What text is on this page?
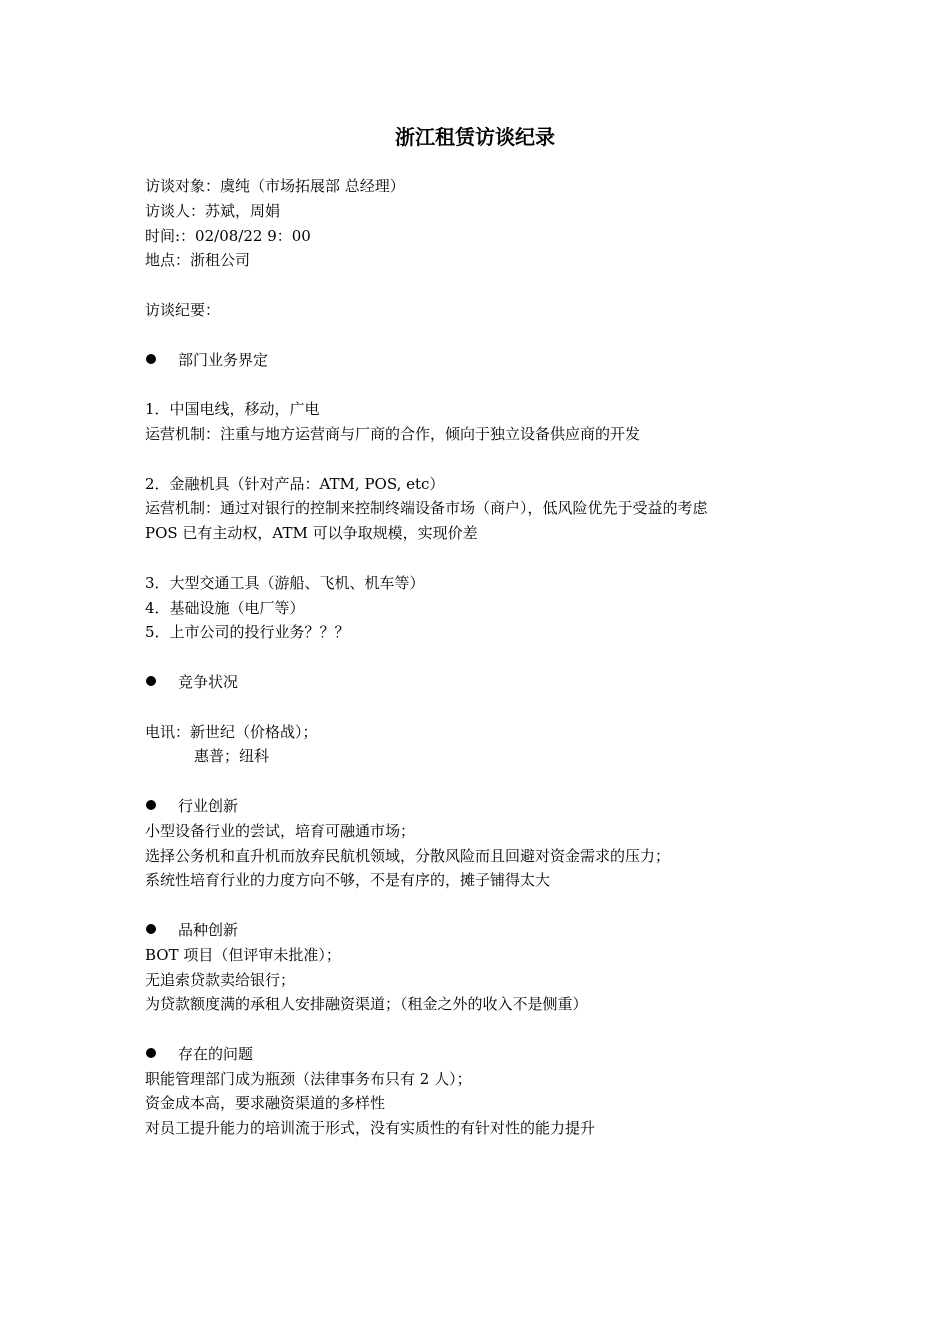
浙江租赁访谈纪录
访谈对象：虞纯（市场拓展部 总经理）
访谈人：苏斌，周娟
时间:：02/08/22 9：00
地点：浙租公司
访谈纪要：
部门业务界定
1．中国电线，移动，广电
运营机制：注重与地方运营商与厂商的合作，倾向于独立设备供应商的开发
2．金融机具（针对产品：ATM, POS, etc）
运营机制：通过对银行的控制来控制终端设备市场（商户），低风险优先于受益的考虑
POS 已有主动权，ATM 可以争取规模，实现价差
3．大型交通工具（游船、飞机、机车等）
4．基础设施（电厂等）
5．上市公司的投行业务？？？
竞争状况
电讯：新世纪（价格战）；
惠普；纽科
行业创新
小型设备行业的尝试，培育可融通市场；
选择公务机和直升机而放弃民航机领域，分散风险而且回避对资金需求的压力；
系统性培育行业的力度方向不够，不是有序的，摊子铺得太大
品种创新
BOT 项目（但评审未批准）；
无追索贷款卖给银行；
为贷款额度满的承租人安排融资渠道；（租金之外的收入不是侧重）
存在的问题
职能管理部门成为瓶颈（法律事务布只有 2 人）；
资金成本高，要求融资渠道的多样性
对员工提升能力的培训流于形式，没有实质性的有针对性的能力提升
